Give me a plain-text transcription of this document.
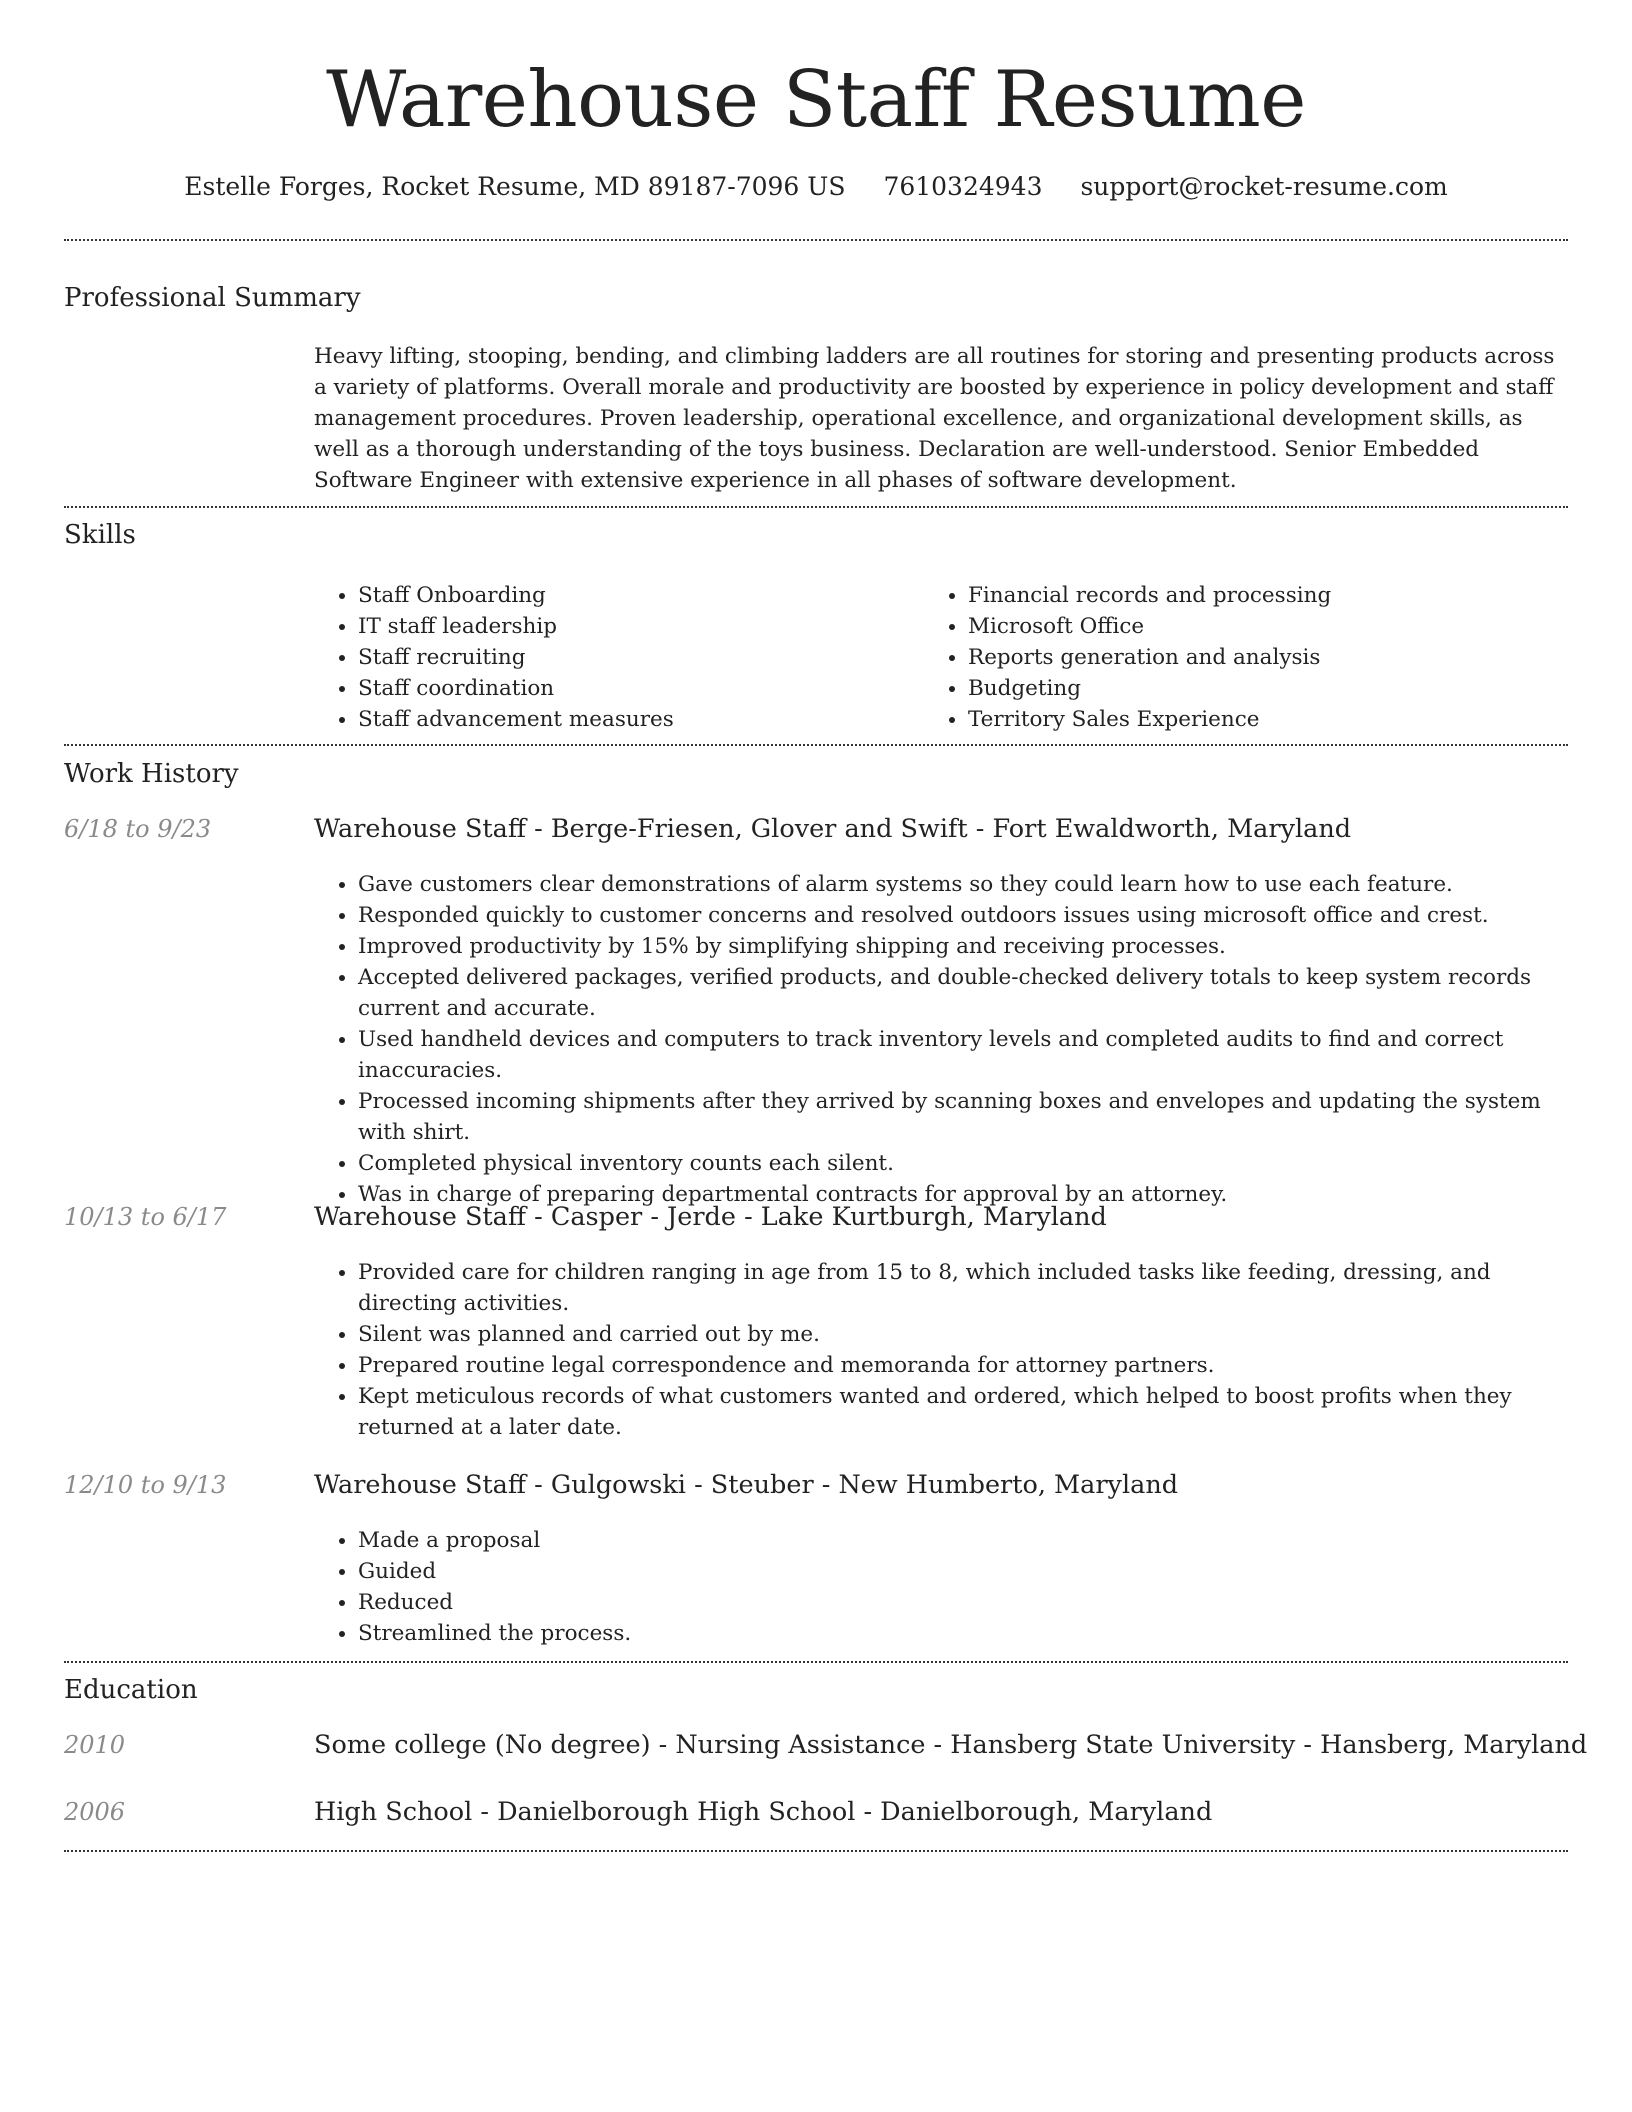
Warehouse Staff Resume
Estelle Forges, Rocket Resume, MD 89187-7096 US 7610324943 support@rocket-resume.com
Professional Summary

Heavy lifting, stooping, bending, and climbing ladders are all routines for storing and presenting products across a variety of platforms. Overall morale and productivity are boosted by experience in policy development and staff management procedures. Proven leadership, operational excellence, and organizational development skills, as well as a thorough understanding of the toys business. Declaration are well-understood. Senior Embedded Software Engineer with extensive experience in all phases of software development.

Skills
• Staff Onboarding
• IT staff leadership
• Staff recruiting
• Staff coordination
• Staff advancement measures
• Financial records and processing
• Microsoft Office
• Reports generation and analysis
• Budgeting
• Territory Sales Experience
Work History
6/18 to 9/23	Warehouse Staff - Berge-Friesen, Glover and Swift - Fort Ewaldworth, Maryland
• Gave customers clear demonstrations of alarm systems so they could learn how to use each feature.
• Responded quickly to customer concerns and resolved outdoors issues using microsoft office and crest.
• Improved productivity by 15% by simplifying shipping and receiving processes.
• Accepted delivered packages, verified products, and double-checked delivery totals to keep system records current and accurate.
• Used handheld devices and computers to track inventory levels and completed audits to find and correct inaccuracies.
• Processed incoming shipments after they arrived by scanning boxes and envelopes and updating the system with shirt.
• Completed physical inventory counts each silent.
• Was in charge of preparing departmental contracts for approval by an attorney.
10/13 to 6/17	Warehouse Staff - Casper - Jerde - Lake Kurtburgh, Maryland
• Provided care for children ranging in age from 15 to 8, which included tasks like feeding, dressing, and directing activities.
• Silent was planned and carried out by me.
• Prepared routine legal correspondence and memoranda for attorney partners.
• Kept meticulous records of what customers wanted and ordered, which helped to boost profits when they returned at a later date.
12/10 to 9/13	Warehouse Staff - Gulgowski - Steuber - New Humberto, Maryland
• Made a proposal
• Guided
• Reduced
• Streamlined the process.
Education
2010	Some college (No degree) - Nursing Assistance - Hansberg State University - Hansberg, Maryland
2006	High School - Danielborough High School - Danielborough, Maryland
